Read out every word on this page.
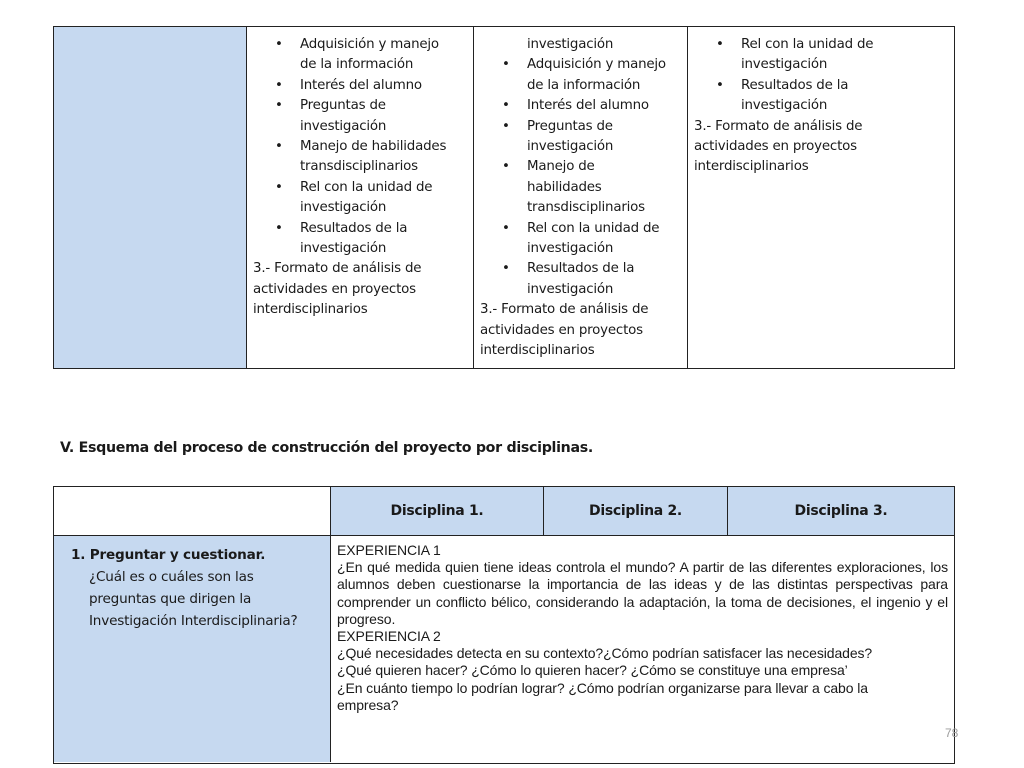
• Adquisición y manejo
de la información
• Interés del alumno
• Preguntas de
investigación
• Manejo de habilidades
transdisciplinarios
• Rel con la unidad de
investigación
• Resultados de la
investigación
3.- Formato de análisis de
actividades en proyectos
interdisciplinarios
investigación
• Adquisición y manejo
de la información
• Interés del alumno
• Preguntas de
investigación
• Manejo de
habilidades
transdisciplinarios
• Rel con la unidad de
investigación
• Resultados de la
investigación
3.- Formato de análisis de
actividades en proyectos
interdisciplinarios
• Rel con la unidad de
investigación
• Resultados de la
investigación
3.- Formato de análisis de
actividades en proyectos
interdisciplinarios
V. Esquema del proceso de construcción del proyecto por disciplinas.
Disciplina 1.	Disciplina 2.	Disciplina 3.
1. Preguntar y cuestionar.
¿Cuál es o cuáles son las
preguntas que dirigen la
Investigación Interdisciplinaria?
EXPERIENCIA 1
¿En qué medida quien tiene ideas controla el mundo? A partir de las diferentes exploraciones, los alumnos deben cuestionarse la importancia de las ideas y de las distintas perspectivas para comprender un conflicto bélico, considerando la adaptación, la toma de decisiones, el ingenio y el progreso.
EXPERIENCIA 2
¿Qué necesidades detecta en su contexto?¿Cómo podrían satisfacer las necesidades?
¿Qué quieren hacer? ¿Cómo lo quieren hacer? ¿Cómo se constituye una empresa’
¿En cuánto tiempo lo podrían lograr? ¿Cómo podrían organizarse para llevar a cabo la
empresa?
78
